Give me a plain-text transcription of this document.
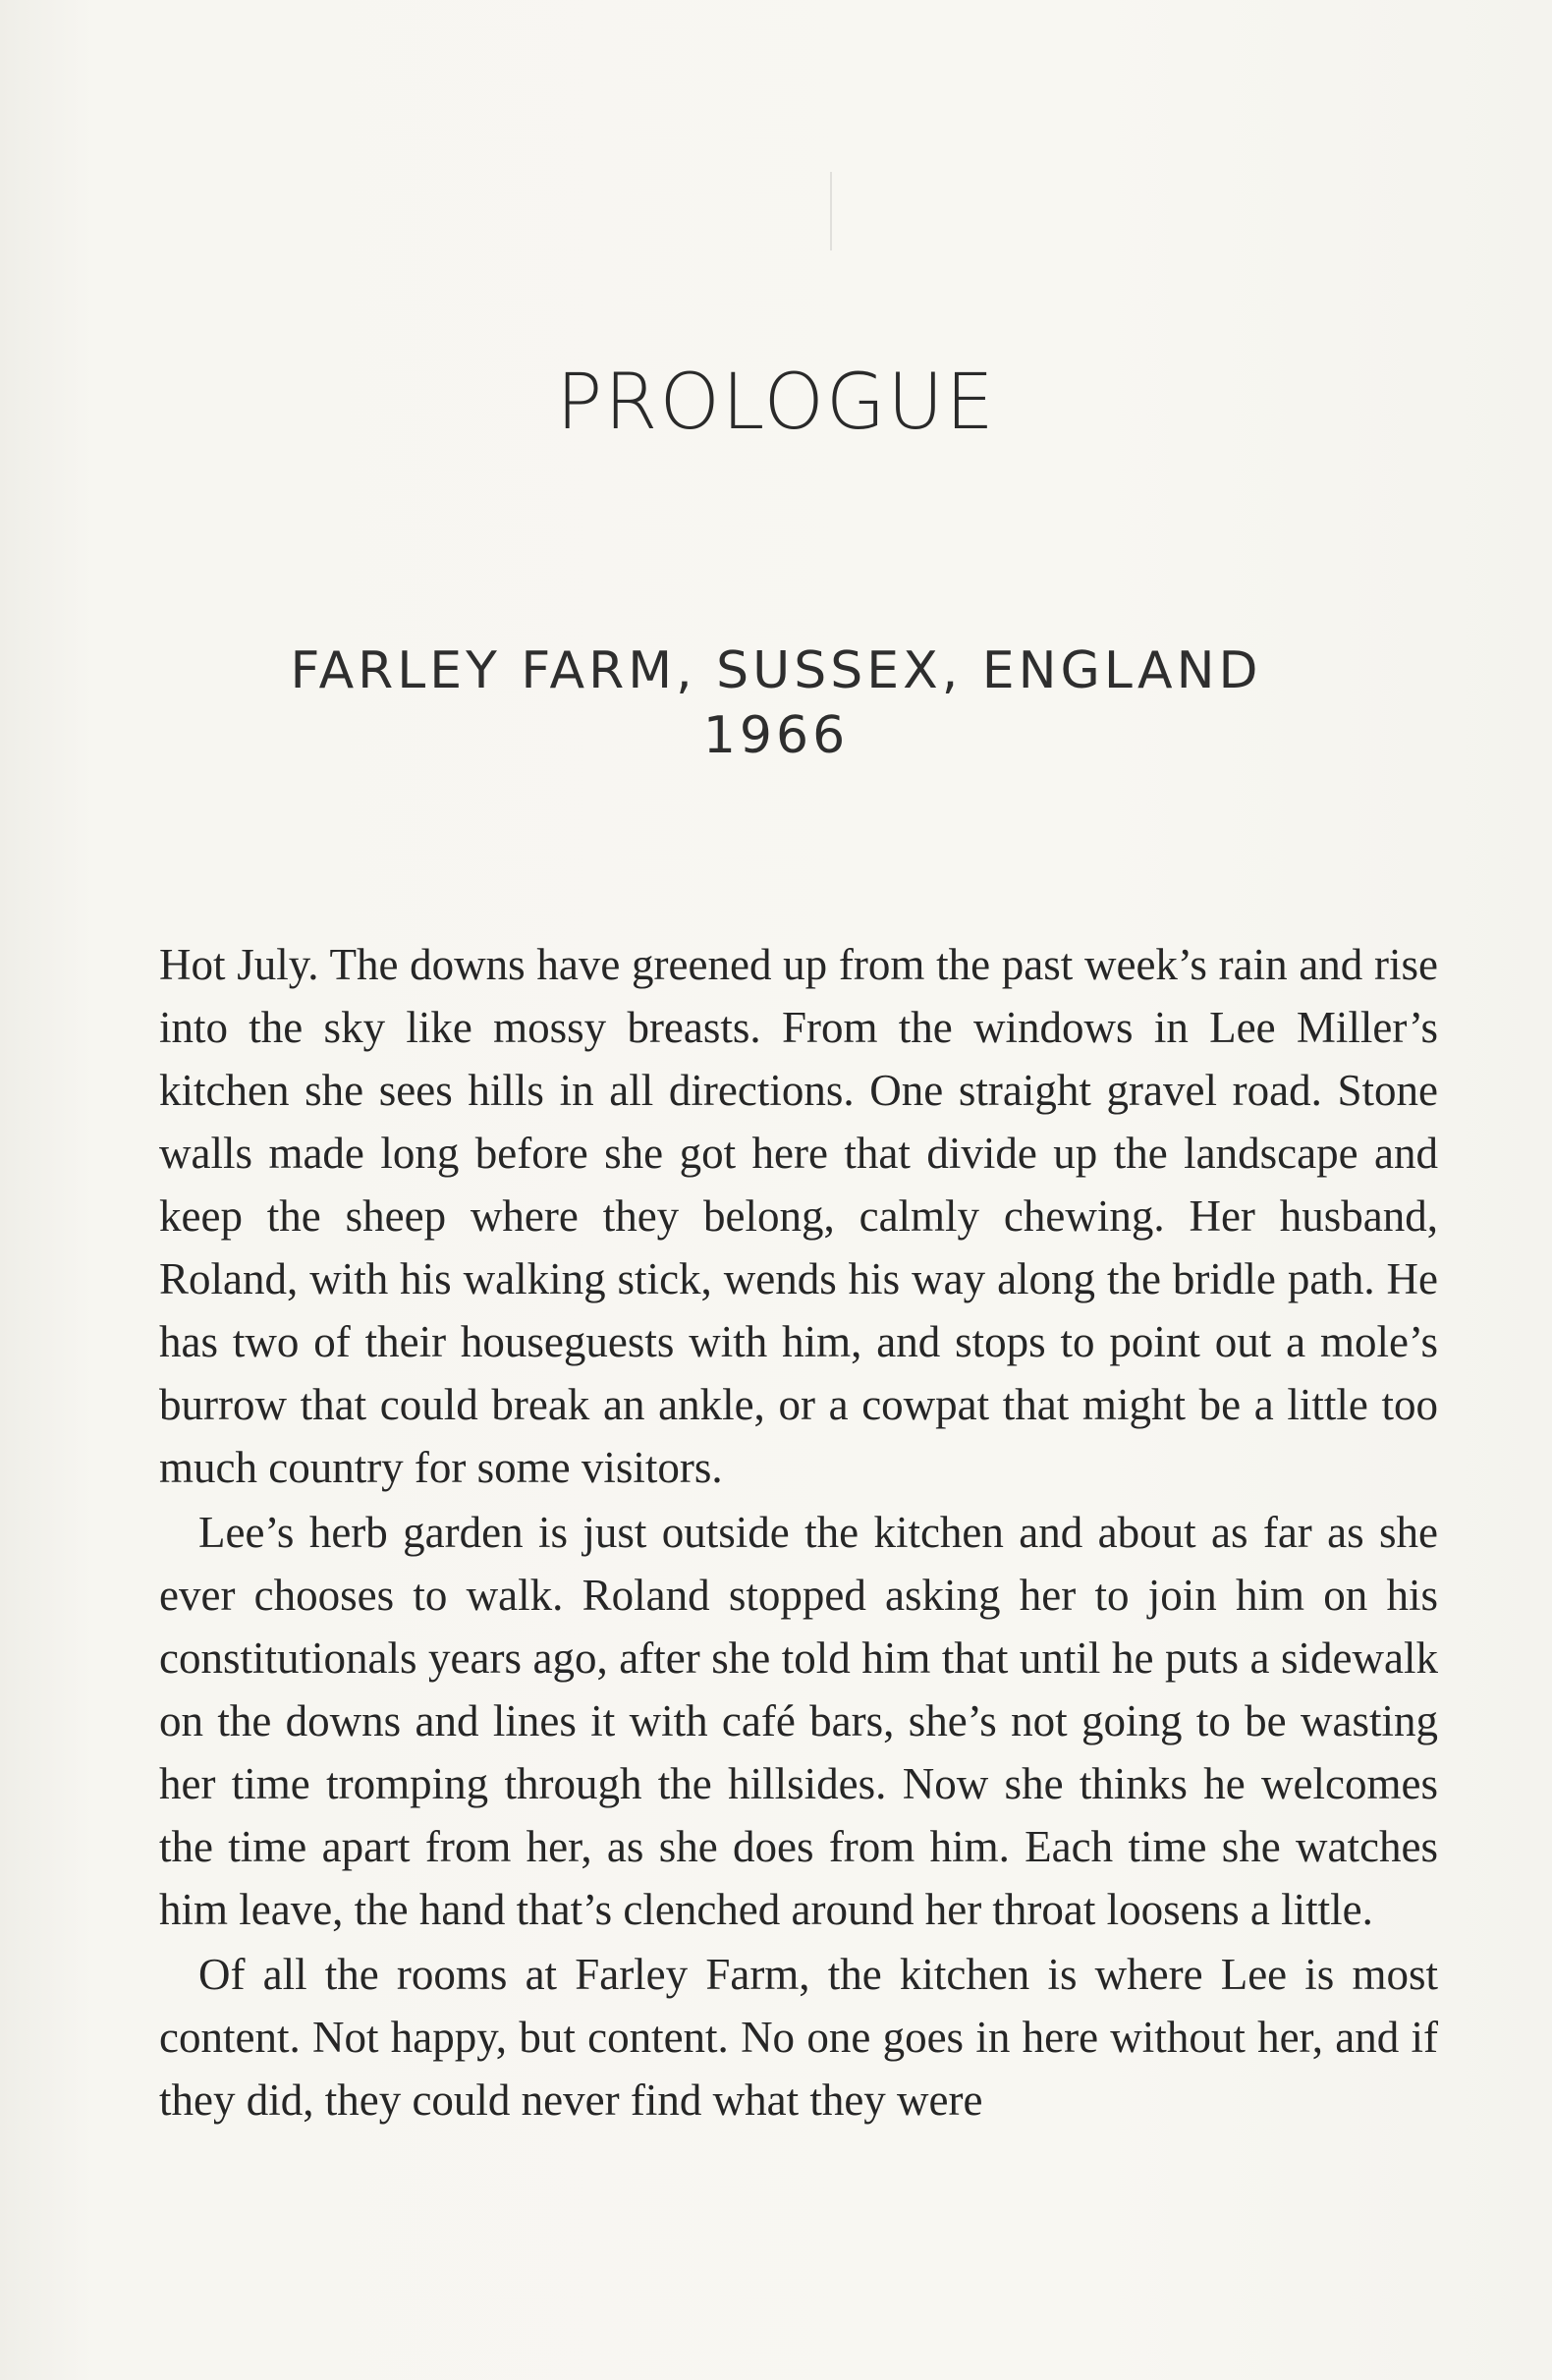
PROLOGUE
FARLEY FARM, SUSSEX, ENGLAND
1966

Hot July. The downs have greened up from the past week’s rain and rise into the sky like mossy breasts. From the windows in Lee Miller’s kitchen she sees hills in all directions. One straight gravel road. Stone walls made long before she got here that divide up the landscape and keep the sheep where they belong, calmly chewing. Her husband, Roland, with his walking stick, wends his way along the bridle path. He has two of their houseguests with him, and stops to point out a mole’s burrow that could break an ankle, or a cowpat that might be a little too much country for some visitors.

Lee’s herb garden is just outside the kitchen and about as far as she ever chooses to walk. Roland stopped asking her to join him on his constitutionals years ago, after she told him that until he puts a sidewalk on the downs and lines it with café bars, she’s not going to be wasting her time tromping through the hillsides. Now she thinks he welcomes the time apart from her, as she does from him. Each time she watches him leave, the hand that’s clenched around her throat loosens a little.

Of all the rooms at Farley Farm, the kitchen is where Lee is most content. Not happy, but content. No one goes in here without her, and if they did, they could never find what they were
